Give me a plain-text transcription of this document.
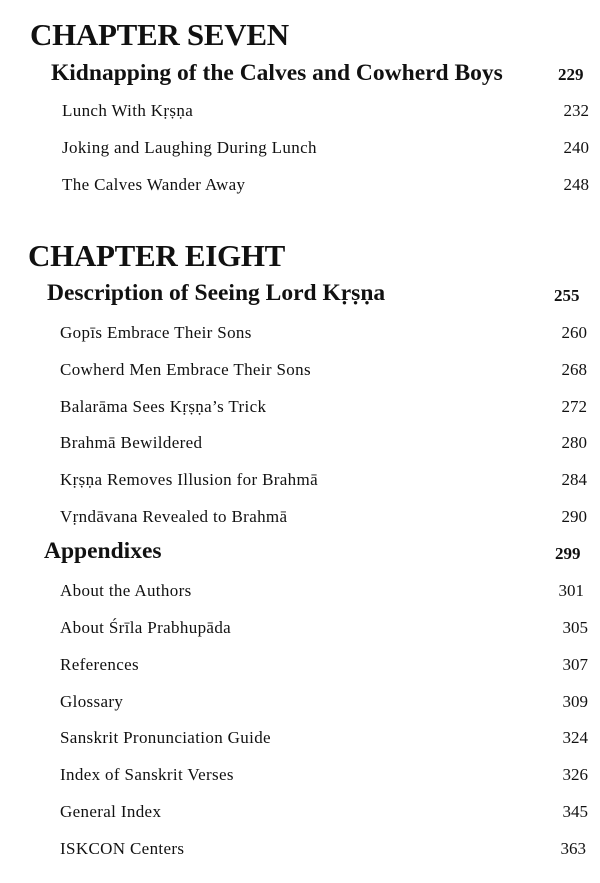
CHAPTER SEVEN
Kidnapping of the Calves and Cowherd Boys	229
Lunch With Kṛṣṇa	232
Joking and Laughing During Lunch	240
The Calves Wander Away	248
CHAPTER EIGHT
Description of Seeing Lord Kṛṣṇa	255
Gopīs Embrace Their Sons	260
Cowherd Men Embrace Their Sons	268
Balarāma Sees Kṛṣṇa’s Trick	272
Brahmā Bewildered	280
Kṛṣṇa Removes Illusion for Brahmā	284
Vṛndāvana Revealed to Brahmā	290
Appendixes	299
About the Authors	301
About Śrīla Prabhupāda	305
References	307
Glossary	309
Sanskrit Pronunciation Guide	324
Index of Sanskrit Verses	326
General Index	345
ISKCON Centers	363
